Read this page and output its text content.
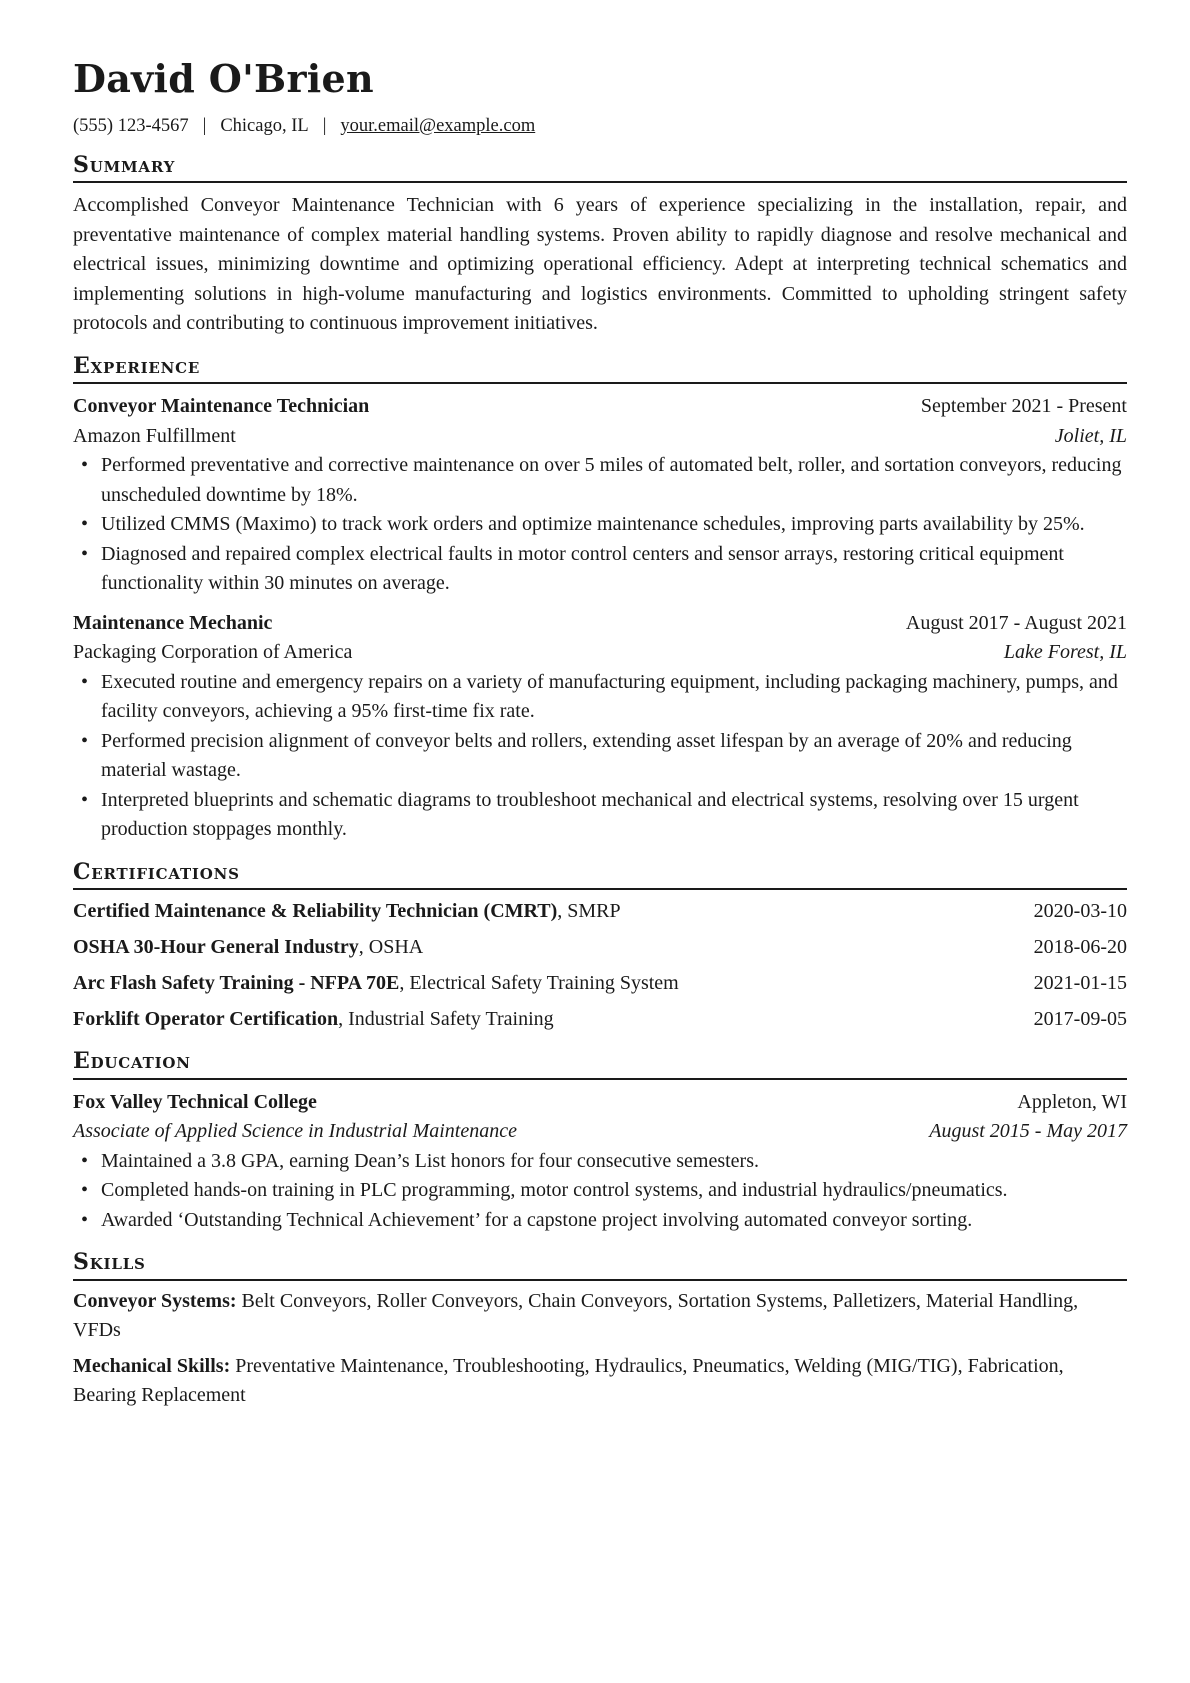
David O'Brien
(555) 123-4567 | Chicago, IL | your.email@example.com
Summary
Accomplished Conveyor Maintenance Technician with 6 years of experience specializing in the installation, repair, and preventative maintenance of complex material handling systems. Proven ability to rapidly diagnose and resolve mechanical and electrical issues, minimizing downtime and optimizing operational efficiency. Adept at interpreting technical schematics and implementing solutions in high-volume manufacturing and logistics environments. Committed to upholding stringent safety protocols and contributing to continuous improvement initiatives.
Experience
Conveyor Maintenance Technician	September 2021 - Present
Amazon Fulfillment	Joliet, IL
• Performed preventative and corrective maintenance on over 5 miles of automated belt, roller, and sortation conveyors, reducing unscheduled downtime by 18%.
• Utilized CMMS (Maximo) to track work orders and optimize maintenance schedules, improving parts availability by 25%.
• Diagnosed and repaired complex electrical faults in motor control centers and sensor arrays, restoring critical equipment functionality within 30 minutes on average.
Maintenance Mechanic	August 2017 - August 2021
Packaging Corporation of America	Lake Forest, IL
• Executed routine and emergency repairs on a variety of manufacturing equipment, including packaging machinery, pumps, and facility conveyors, achieving a 95% first-time fix rate.
• Performed precision alignment of conveyor belts and rollers, extending asset lifespan by an average of 20% and reducing material wastage.
• Interpreted blueprints and schematic diagrams to troubleshoot mechanical and electrical systems, resolving over 15 urgent production stoppages monthly.
Certifications
Certified Maintenance & Reliability Technician (CMRT), SMRP	2020-03-10
OSHA 30-Hour General Industry, OSHA	2018-06-20
Arc Flash Safety Training - NFPA 70E, Electrical Safety Training System	2021-01-15
Forklift Operator Certification, Industrial Safety Training	2017-09-05
Education
Fox Valley Technical College	Appleton, WI
Associate of Applied Science in Industrial Maintenance	August 2015 - May 2017
• Maintained a 3.8 GPA, earning Dean’s List honors for four consecutive semesters.
• Completed hands-on training in PLC programming, motor control systems, and industrial hydraulics/pneumatics.
• Awarded ‘Outstanding Technical Achievement’ for a capstone project involving automated conveyor sorting.
Skills
Conveyor Systems: Belt Conveyors, Roller Conveyors, Chain Conveyors, Sortation Systems, Palletizers, Material Handling, VFDs
Mechanical Skills: Preventative Maintenance, Troubleshooting, Hydraulics, Pneumatics, Welding (MIG/TIG), Fabrication, Bearing Replacement
